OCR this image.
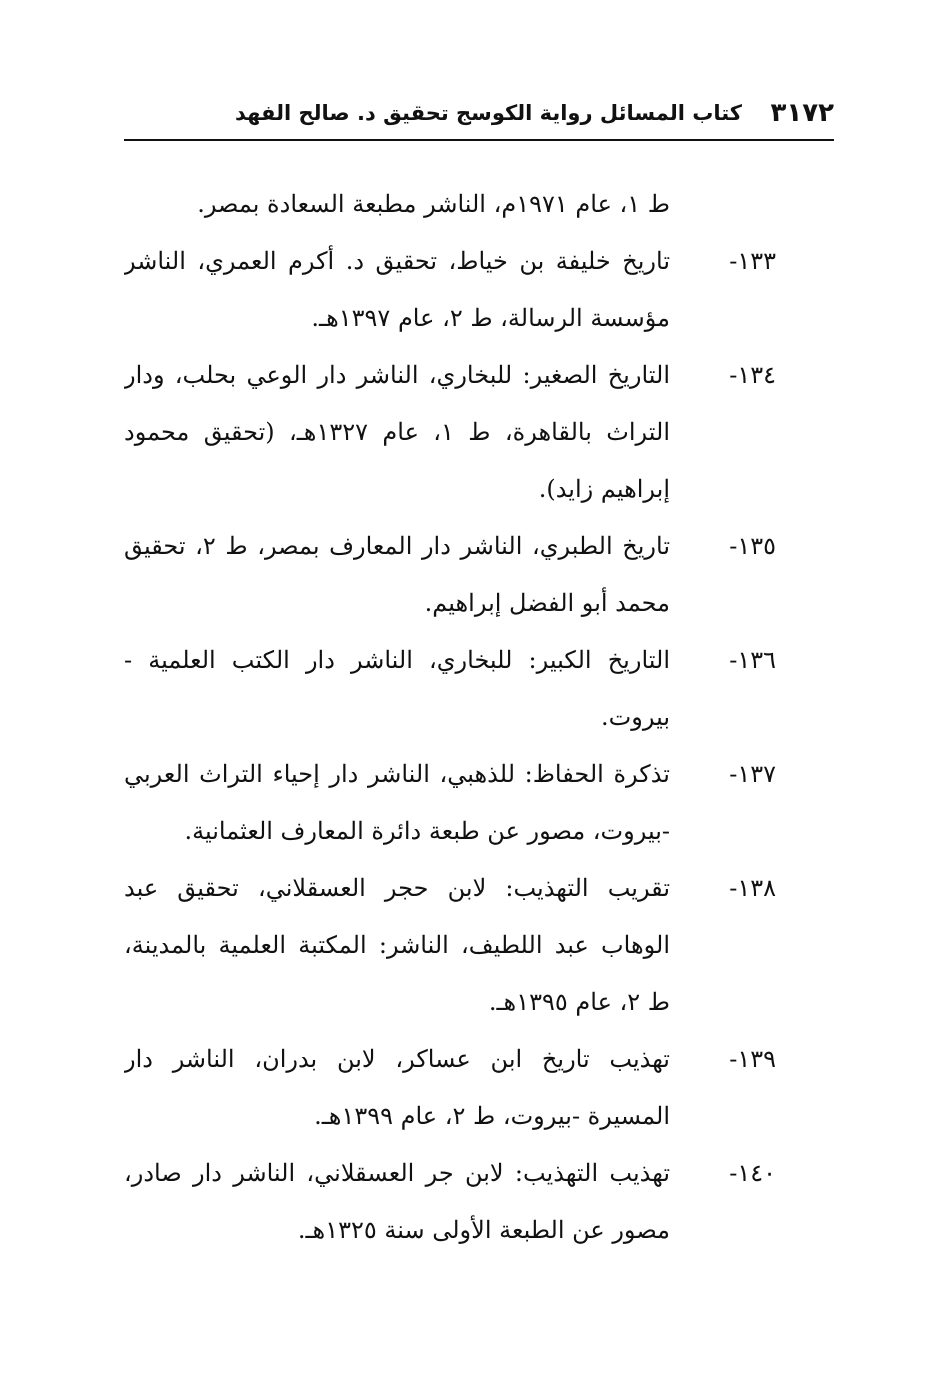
٣١٧٢
كتاب المسائل رواية الكوسج تحقيق د. صالح الفهد
ط ١، عام ١٩٧١م، الناشر مطبعة السعادة بمصر.
١٣٣-
تاريخ خليفة بن خياط، تحقيق د. أكرم العمري، الناشر
مؤسسة الرسالة، ط ٢، عام ١٣٩٧هـ.
١٣٤-
التاريخ الصغير: للبخاري، الناشر دار الوعي بحلب، ودار
التراث بالقاهرة، ط ١، عام ١٣٢٧هـ، (تحقيق محمود
إبراهيم زايد).
١٣٥-
تاريخ الطبري، الناشر دار المعارف بمصر، ط ٢، تحقيق
محمد أبو الفضل إبراهيم.
١٣٦-
التاريخ الكبير: للبخاري، الناشر دار الكتب العلمية -
بيروت.
١٣٧-
تذكرة الحفاظ: للذهبي، الناشر دار إحياء التراث العربي
-بيروت، مصور عن طبعة دائرة المعارف العثمانية.
١٣٨-
تقريب التهذيب: لابن حجر العسقلاني، تحقيق عبد
الوهاب عبد اللطيف، الناشر: المكتبة العلمية بالمدينة،
ط ٢، عام ١٣٩٥هـ.
١٣٩-
تهذيب تاريخ ابن عساكر، لابن بدران، الناشر دار
المسيرة -بيروت، ط ٢، عام ١٣٩٩هـ.
١٤٠-
تهذيب التهذيب: لابن جر العسقلاني، الناشر دار صادر،
مصور عن الطبعة الأولى سنة ١٣٢٥هـ.
